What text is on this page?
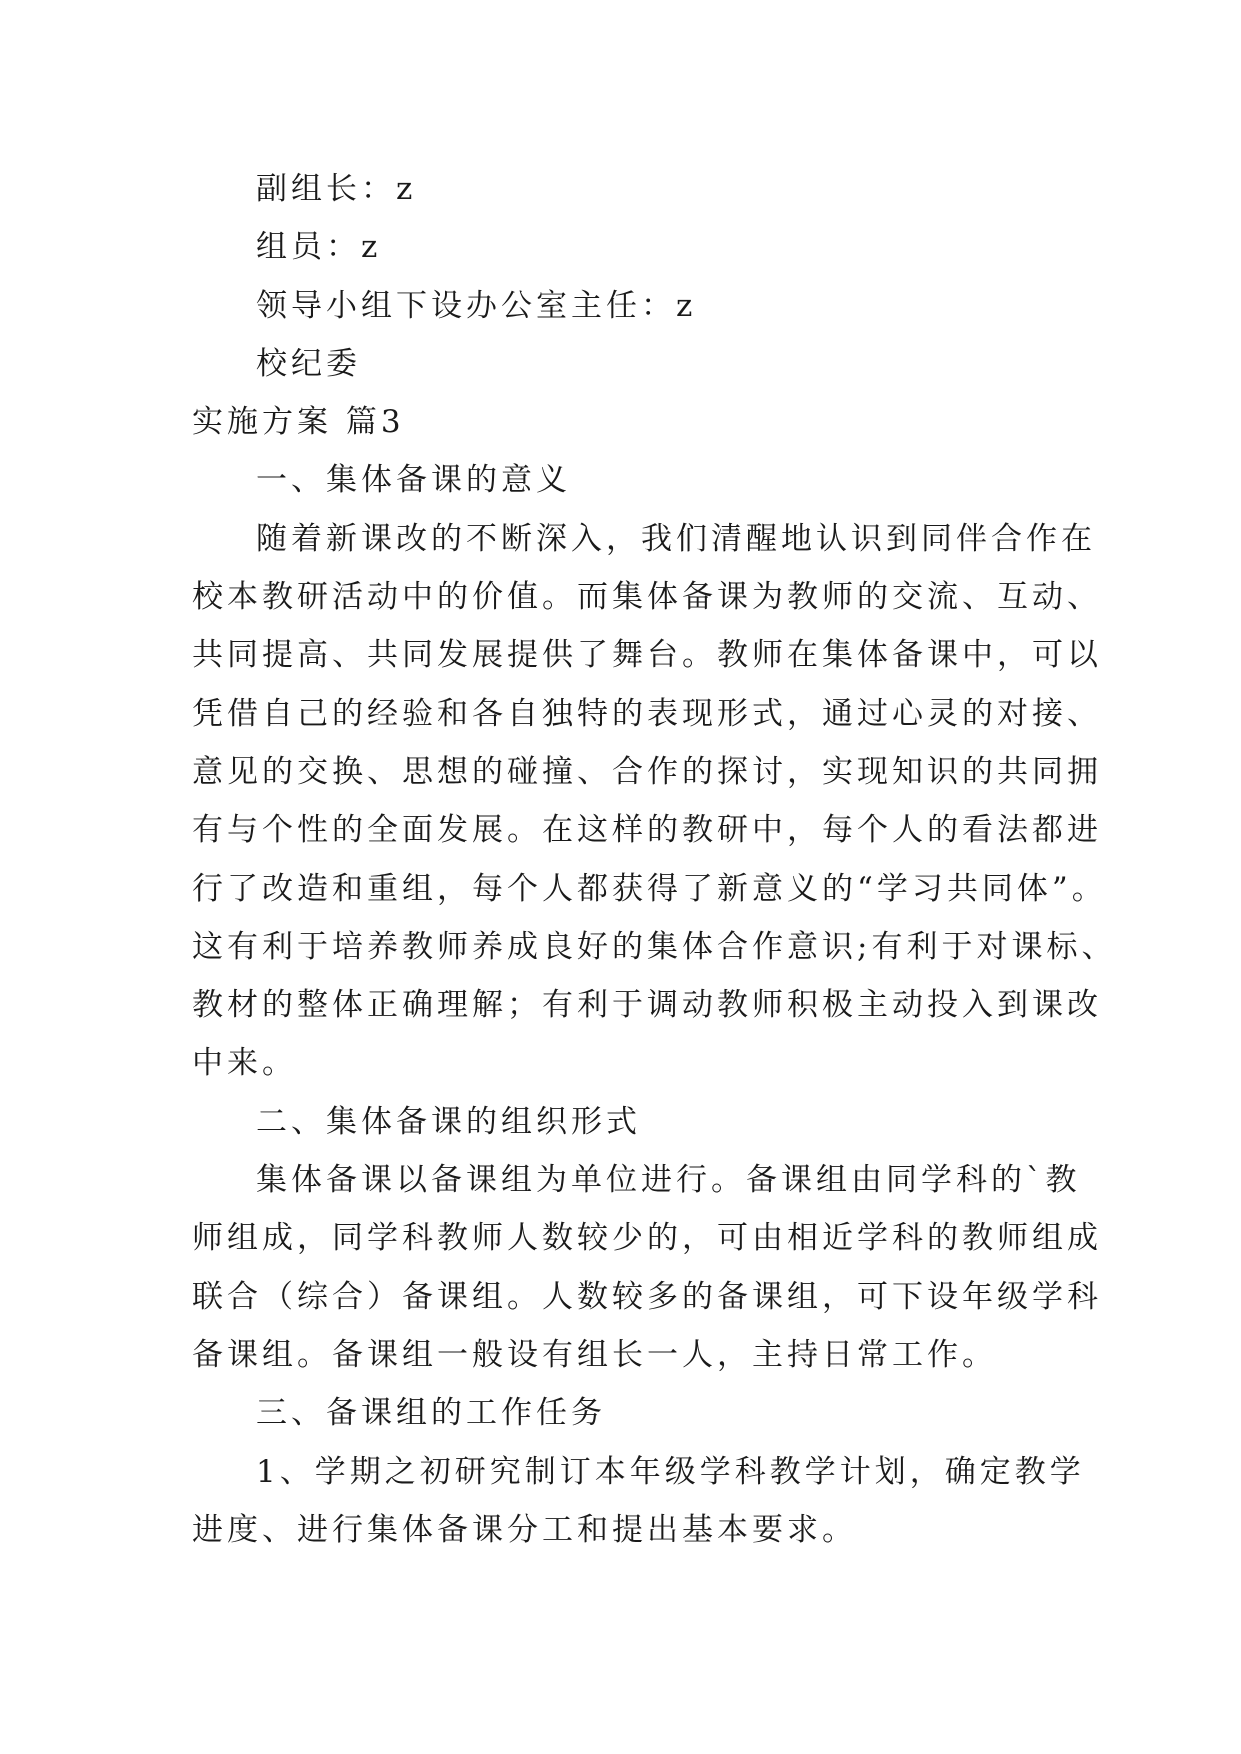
副组长：z
组员：z
领导小组下设办公室主任：z
校纪委
实施方案 篇3
一、集体备课的意义
随着新课改的不断深入，我们清醒地认识到同伴合作在
校本教研活动中的价值。而集体备课为教师的交流、互动、
共同提高、共同发展提供了舞台。教师在集体备课中，可以
凭借自己的经验和各自独特的表现形式，通过心灵的对接、
意见的交换、思想的碰撞、合作的探讨，实现知识的共同拥
有与个性的全面发展。在这样的教研中，每个人的看法都进
行了改造和重组，每个人都获得了新意义的“学习共同体”。
这有利于培养教师养成良好的集体合作意识;有利于对课标、
教材的整体正确理解；有利于调动教师积极主动投入到课改
中来。
二、集体备课的组织形式
集体备课以备课组为单位进行。备课组由同学科的`教
师组成，同学科教师人数较少的，可由相近学科的教师组成
联合（综合）备课组。人数较多的备课组，可下设年级学科
备课组。备课组一般设有组长一人，主持日常工作。
三、备课组的工作任务
1、学期之初研究制订本年级学科教学计划，确定教学
进度、进行集体备课分工和提出基本要求。
